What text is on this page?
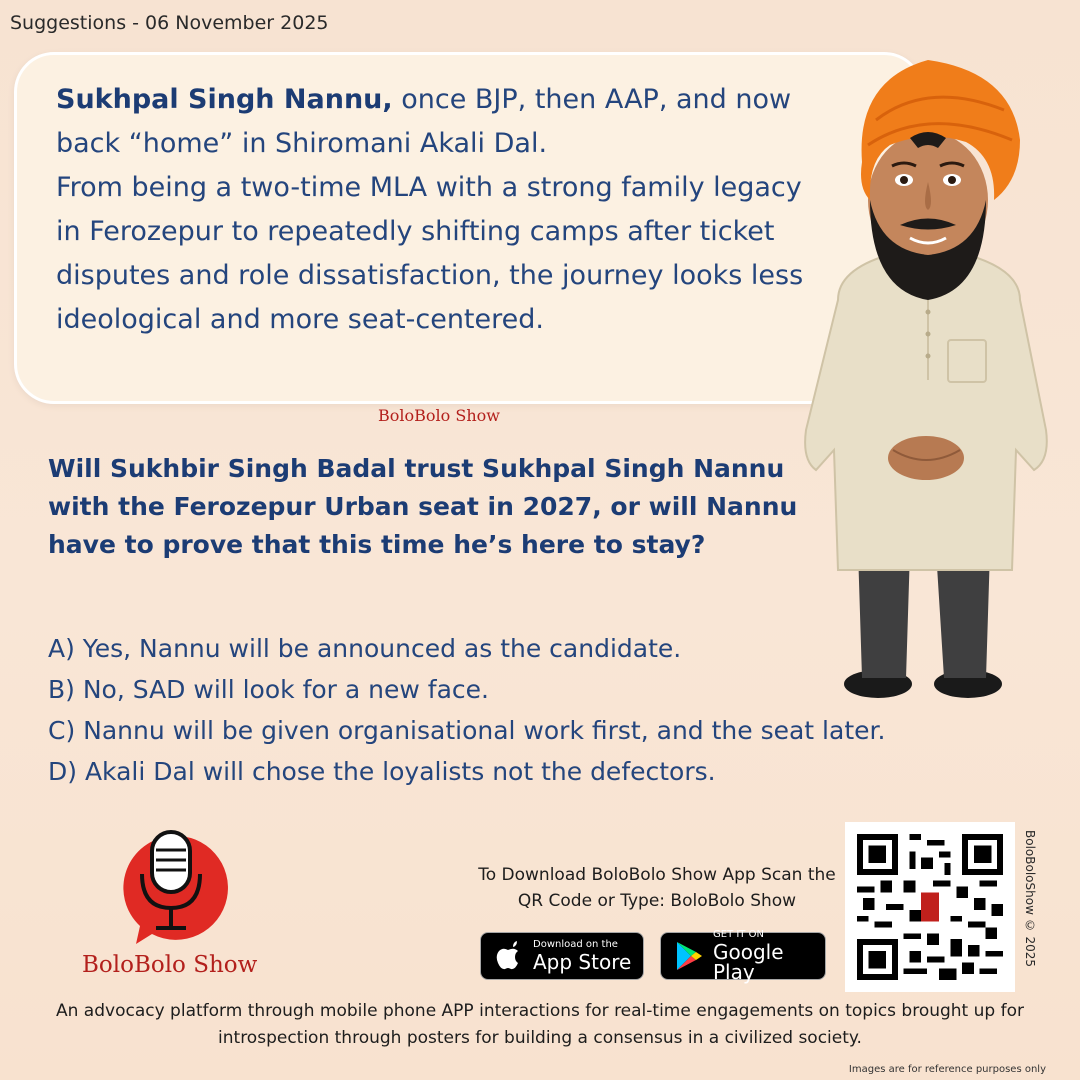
Suggestions - 06 November 2025

Sukhpal Singh Nannu, once BJP, then AAP, and now back “home” in Shiromani Akali Dal.
From being a two-time MLA with a strong family legacy in Ferozepur to repeatedly shifting camps after ticket disputes and role dissatisfaction, the journey looks less ideological and more seat-centered.

BoloBolo Show

Will Sukhbir Singh Badal trust Sukhpal Singh Nannu with the Ferozepur Urban seat in 2027, or will Nannu have to prove that this time he’s here to stay?

A) Yes, Nannu will be announced as the candidate.
B) No, SAD will look for a new face.
C) Nannu will be given organisational work first, and the seat later.
D) Akali Dal will chose the loyalists not the defectors.
BoloBolo Show

To Download BoloBolo Show App Scan the QR Code or Type: BoloBolo Show

Download on the
App Store
GET IT ON
Google Play
BoloBoloShow © 2025

An advocacy platform through mobile phone APP interactions for real-time engagements on topics brought up for introspection through posters for building a consensus in a civilized society.

Images are for reference purposes only
